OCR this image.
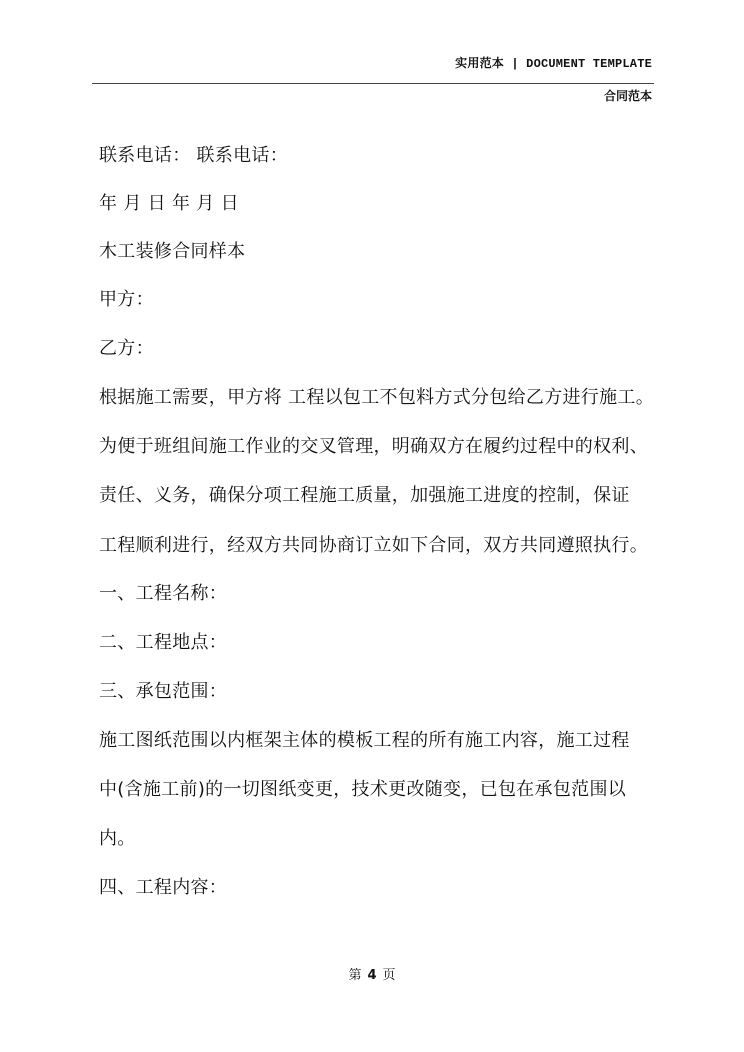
实用范本 | DOCUMENT TEMPLATE
合同范本
联系电话： 联系电话：
年 月 日 年 月 日
木工装修合同样本
甲方：
乙方：
根据施工需要，甲方将 工程以包工不包料方式分包给乙方进行施工。
为便于班组间施工作业的交叉管理，明确双方在履约过程中的权利、
责任、义务，确保分项工程施工质量，加强施工进度的控制，保证
工程顺利进行，经双方共同协商订立如下合同，双方共同遵照执行。
一、工程名称：
二、工程地点：
三、承包范围：
施工图纸范围以内框架主体的模板工程的所有施工内容，施工过程
中(含施工前)的一切图纸变更，技术更改随变，已包在承包范围以
内。
四、工程内容：
第 4 页
